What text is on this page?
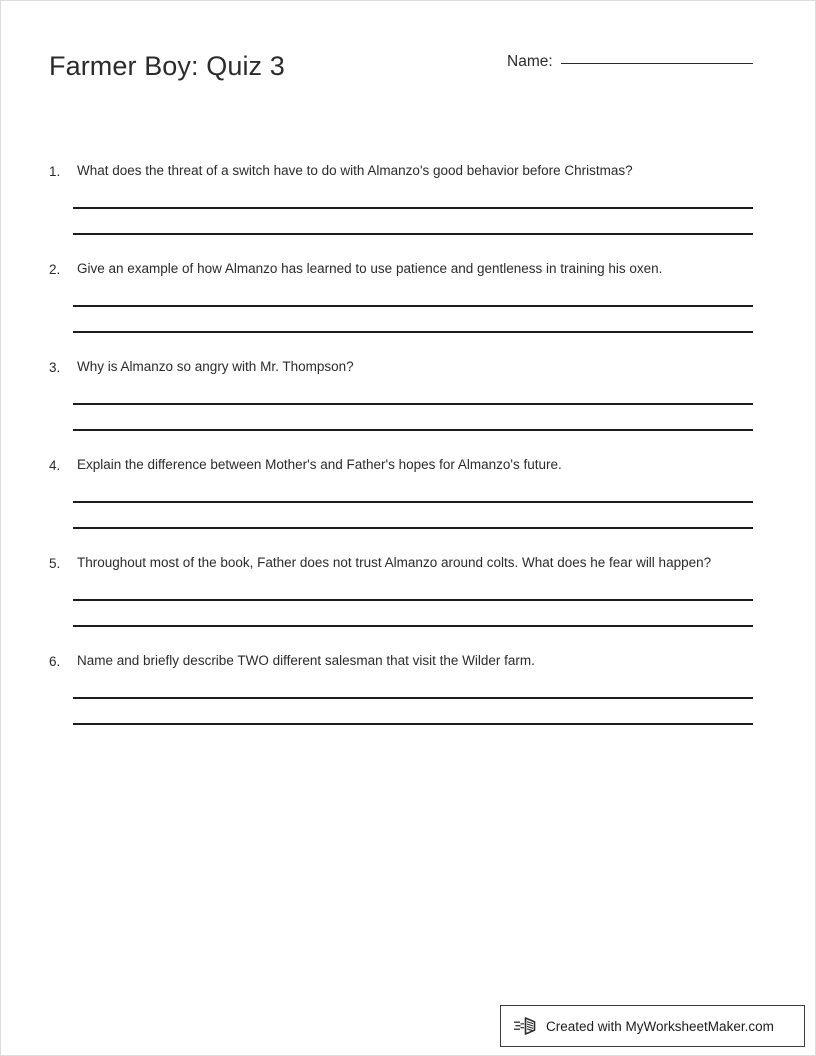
Farmer Boy: Quiz 3	Name:
1.	What does the threat of a switch have to do with Almanzo's good behavior before Christmas?
2.	Give an example of how Almanzo has learned to use patience and gentleness in training his oxen.
3.	Why is Almanzo so angry with Mr. Thompson?
4.	Explain the difference between Mother's and Father's hopes for Almanzo's future.
5.	Throughout most of the book, Father does not trust Almanzo around colts. What does he fear will happen?
6.	Name and briefly describe TWO different salesman that visit the Wilder farm.
Created with MyWorksheetMaker.com
